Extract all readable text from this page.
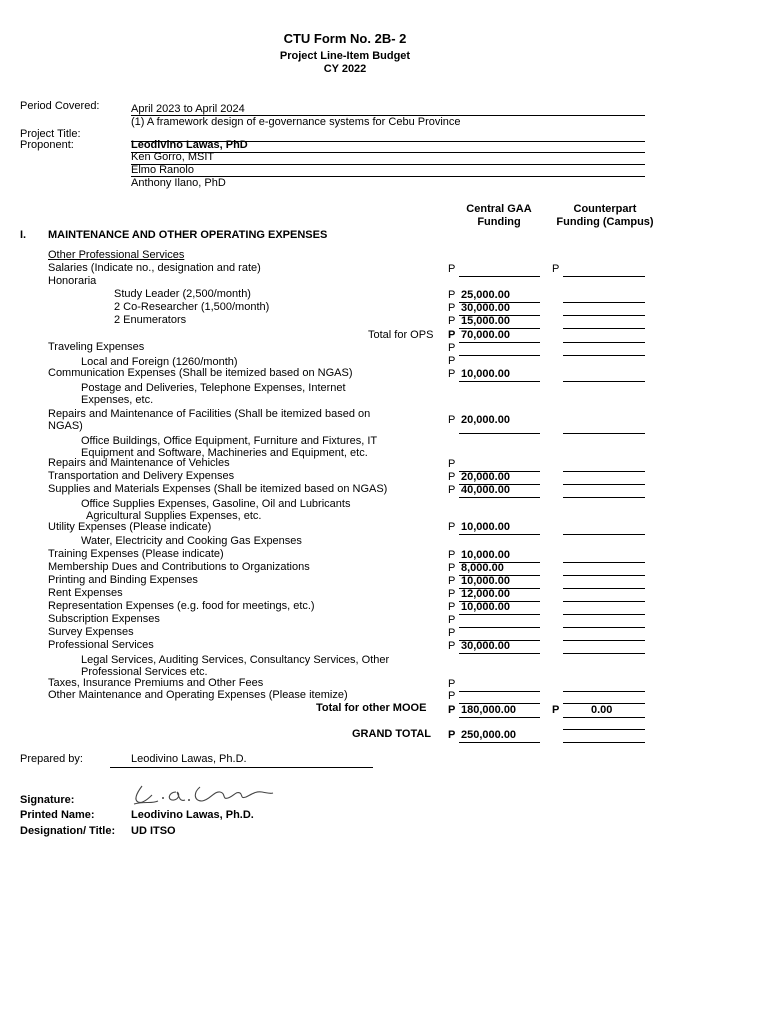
CTU Form No. 2B- 2
Project Line-Item Budget
CY 2022
Period Covered:	April 2023 to April 2024
(1) A framework design of e-governance systems for Cebu Province
Project Title:
Proponent:	Leodivino Lawas, PhD
Ken Gorro, MSIT
Elmo Ranolo
Anthony Ilano, PhD
Central GAA
Funding
Counterpart
Funding (Campus)
I. MAINTENANCE AND OTHER OPERATING EXPENSES
Other Professional Services
Salaries (Indicate no., designation and rate)	P	P
Honoraria
Study Leader (2,500/month)	P 25,000.00
2 Co-Researcher (1,500/month)	P 30,000.00
2 Enumerators	P 15,000.00
Total for OPS P 70,000.00
Traveling Expenses	P
Local and Foreign (1260/month)	P
Communication Expenses (Shall be itemized based on NGAS)	P 10,000.00
Postage and Deliveries, Telephone Expenses, Internet
Expenses, etc.
Repairs and Maintenance of Facilities (Shall be itemized based on
NGAS)	P 20,000.00
Office Buildings, Office Equipment, Furniture and Fixtures, IT
Equipment and Software, Machineries and Equipment, etc.
Repairs and Maintenance of Vehicles	P
Transportation and Delivery Expenses	P 20,000.00
Supplies and Materials Expenses (Shall be itemized based on NGAS)	P 40,000.00
Office Supplies Expenses, Gasoline, Oil and Lubricants
Agricultural Supplies Expenses, etc.
Utility Expenses (Please indicate)	P 10,000.00
Water, Electricity and Cooking Gas Expenses
Training Expenses (Please indicate)	P 10,000.00
Membership Dues and Contributions to Organizations	P 8,000.00
Printing and Binding Expenses	P 10,000.00
Rent Expenses	P 12,000.00
Representation Expenses (e.g. food for meetings, etc.)	P 10,000.00
Subscription Expenses	P
Survey Expenses	P
Professional Services	P 30,000.00
Legal Services, Auditing Services, Consultancy Services, Other
Professional Services etc.
Taxes, Insurance Premiums and Other Fees	P
Other Maintenance and Operating Expenses (Please itemize)	P
Total for other MOOE P 180,000.00	P	0.00
GRAND TOTAL P 250,000.00
Prepared by:	Leodivino Lawas, Ph.D.
Signature:
Printed Name:	Leodivino Lawas, Ph.D.
Designation/ Title: UD ITSO
